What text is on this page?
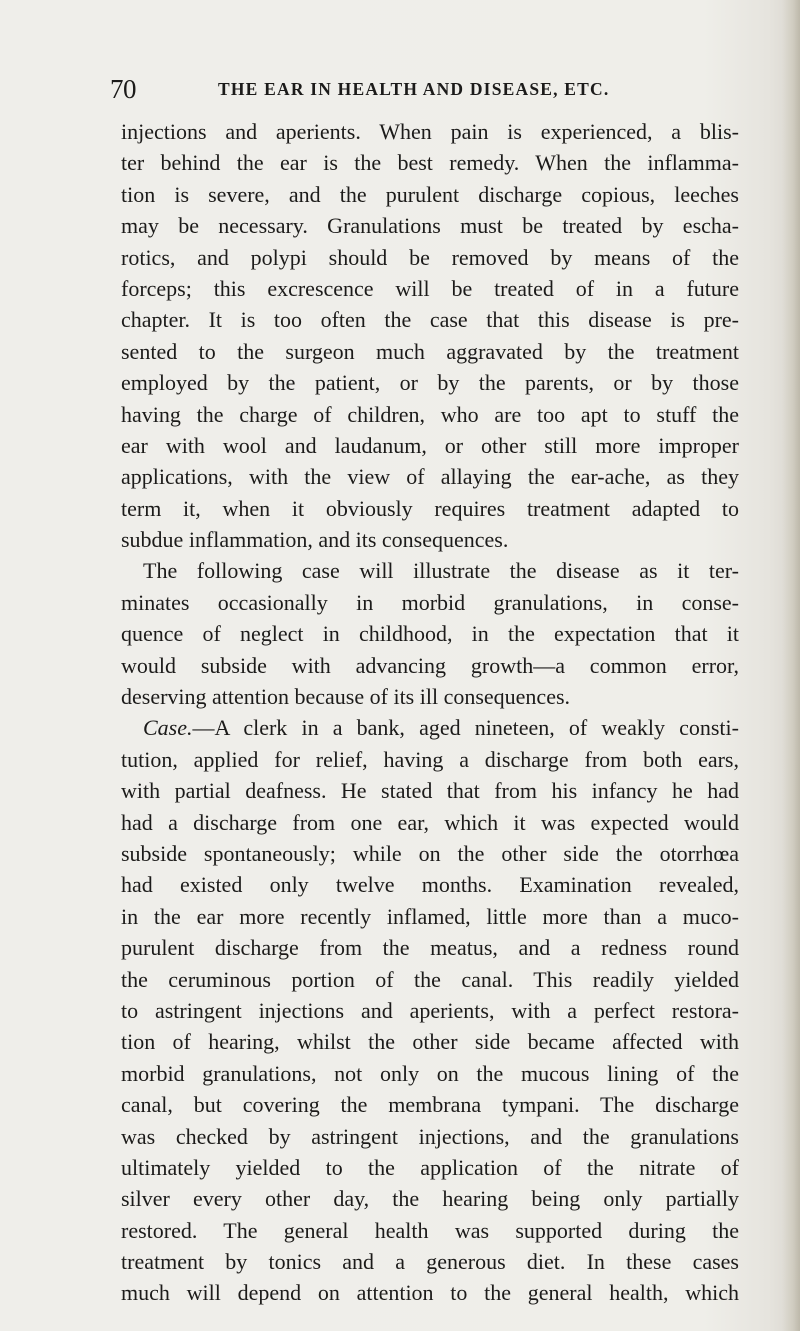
70	THE EAR IN HEALTH AND DISEASE, ETC.
injections and aperients. When pain is experienced, a blis-
ter behind the ear is the best remedy. When the inflamma-
tion is severe, and the purulent discharge copious, leeches
may be necessary. Granulations must be treated by escha-
rotics, and polypi should be removed by means of the
forceps; this excrescence will be treated of in a future
chapter. It is too often the case that this disease is pre-
sented to the surgeon much aggravated by the treatment
employed by the patient, or by the parents, or by those
having the charge of children, who are too apt to stuff the
ear with wool and laudanum, or other still more improper
applications, with the view of allaying the ear-ache, as they
term it, when it obviously requires treatment adapted to
subdue inflammation, and its consequences.
The following case will illustrate the disease as it ter-
minates occasionally in morbid granulations, in conse-
quence of neglect in childhood, in the expectation that it
would subside with advancing growth—a common error,
deserving attention because of its ill consequences.
Case.—A clerk in a bank, aged nineteen, of weakly consti-
tution, applied for relief, having a discharge from both ears,
with partial deafness. He stated that from his infancy he had
had a discharge from one ear, which it was expected would
subside spontaneously; while on the other side the otorrhœa
had existed only twelve months. Examination revealed,
in the ear more recently inflamed, little more than a muco-
purulent discharge from the meatus, and a redness round
the ceruminous portion of the canal. This readily yielded
to astringent injections and aperients, with a perfect restora-
tion of hearing, whilst the other side became affected with
morbid granulations, not only on the mucous lining of the
canal, but covering the membrana tympani. The discharge
was checked by astringent injections, and the granulations
ultimately yielded to the application of the nitrate of
silver every other day, the hearing being only partially
restored. The general health was supported during the
treatment by tonics and a generous diet. In these cases
much will depend on attention to the general health, which
